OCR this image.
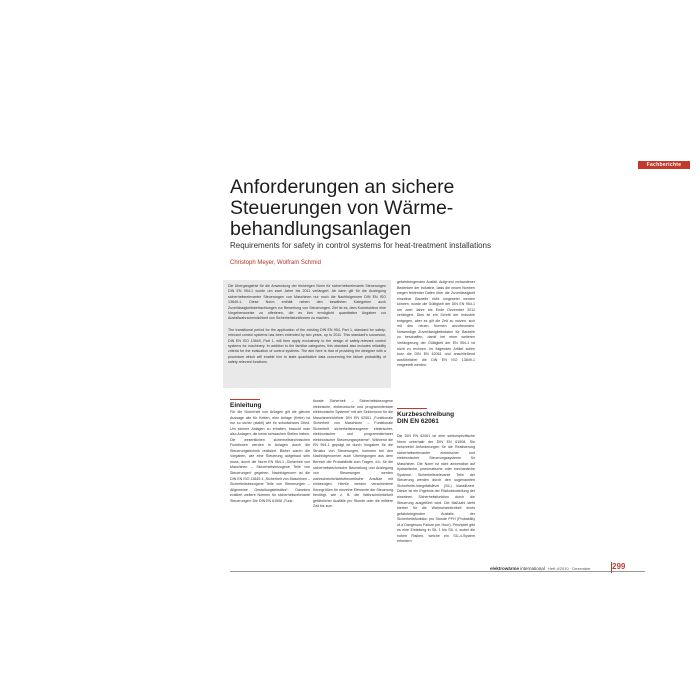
Fachberichte
Anforderungen an sichere
Steuerungen von Wärme-
behandlungsanlagen
Requirements for safety in control systems for heat-treatment installations
Christoph Meyer, Wolfram Schmid

Die Übergangsfrist für die Anwendung der bisherigen Norm für sicherheitsrelevante Steuerungen DIN EN 954-1 wurde um zwei Jahre bis 2011 verlängert. Ab dann gilt für die Auslegung sicherheitsrelevanter Steuerungen von Maschinen nur noch die Nachfolgenorm DIN EN ISO 13849-1. Diese Norm enthält neben den bewährten Kategorien auch Zuverlässigkeitsbetrachtungen zur Bewertung von Steuerungen. Ziel ist es, dem Konstrukteur eine Vorgehensweise zu offerieren, die es ihm ermöglicht quantitative Angaben zur Ausfallwahrscheinlichkeit von Sicherheitsfunktionen zu machen.

The transitional period for the application of the existing DIN EN 954, Part 1, standard for safety-relevant control systems has been extended by two years, up to 2011. This standard's successor, DIN EN ISO 13849, Part 1, will then apply exclusively to the design of safety-relevant control systems for machinery. In addition to the familiar categories, this standard also includes reliability criteria for the evaluation of control systems. The aim here is that of providing the designer with a procedure which will enable him to state quantitative data concerning the failure probability of safety-relevant functions.

gefahrbringenden Ausfall. Aufgrund vorhandener Bedenken der Industrie, dass die neuen Normen wegen fehlender Daten über die Zuverlässigkeit einzelner Bauteile nicht umgesetzt werden können, wurde die Gültigkeit der DIN EN 954-1 um zwei Jahre bis Ende Dezember 2011 verlängert. Dies ist ein Schritt der Industrie entgegen, aber es gilt die Zeit zu nutzen, sich mit den neuen Normen anzufreunden. Notwendige Zuverlässigkeitsdaten für Bauteile zu beschaffen, damit bei einer weiteren Verlängerung der Gültigkeit der EN 954-1 ist nicht zu rechnen. Im folgenden Artikel sollen kurz die DIN EN 62061 und anschließend ausführlicher die DIN EN ISO 13849-1 eingestellt werden.

Kurzbeschreibung
DIN EN 62061

Die DIN EN 62061 ist eine sektorspezifische Norm unterhalb der DIN EN 61508. Sie beschreibt Anforderungen für die Realisierung sicherheitsrelevanter elektrischer und elektronischer Steuerungssysteme für Maschinen. Die Norm ist nicht anwendbar auf hydraulische, pneumatische oder mechanische Systeme. Sicherheitsrelevante Teile der Steuerung werden durch den sogenannten Sicherheits-Integritätslevel (SIL) klassifiziert. Dieser ist ein Ergebnis der Risikobeurteilung der einzelnen Sicherheitsfunktion durch die Steuerung ausgeführt wird. Die Maßzahl steht hierbei für die Wahrscheinlichkeit eines gefahrbringenden Ausfalls der Sicherheitsfunktion pro Stunde PFH (Probability of a Dangerous Failure per Hour). Prinzipiell gibt es eine Einteilung in SIL 1 bis SIL 4, wobei die hohen Risiken, welche ein SIL-4-System erfordern

Einleitung

Für die Sicherheit von Anlagen gilt die gleiche Aussage wie für Ketten, eine Anlage (Kette) ist nur so sicher (stabil) wie ihr schwächstes Glied. Um sichere Anlagen zu erhalten, braucht man also Anlagen, die keine schwachen Stellen haben. Die wesentlichen sicherheitstechnischen Funktionen werden in Anlagen durch die Steuerungstechnik realisiert. Bisher waren die Vorgaben, wie eine Steuerung aufgebaut sein muss, durch die Norm EN 954-1 „Sicherheit von Maschinen – Sicherheitsbezogene Teile von Steuerungen“ gegeben. Nachfolgenorm ist die DIN EN ISO 13849-1 „Sicherheit von Maschinen – Sicherheitsbezogene Teile von Steuerungen – Allgemeine Gestaltungsleitsätze“. Daneben existiert weitere Normen für sicherheitsrelevante Steuerungen: Die DIN EN 61508 „Funk-

tionale Sicherheit – Sicherheitsbezogene elektrische, elektronische und programmierbare elektronische Systeme“ mit der Sektornorm für die Maschinenrichtlinie DIN EN 62061 „Funktionale Sicherheit von Maschinen – Funktionale Sicherheit sicherheitsbezogener elektrischer, elektronischer und programmierbarer elektronischer Steuerungssysteme“. Während die EN 954-1 geprägt ist durch Vorgaben für die Struktur von Steuerungen, kommen bei den Nachfolgenormen auch Überlegungen aus dem Bereich der Probabilistik zum Tragen, d.h. für die sicherheitstechnische Beurteilung und Auslegung von Steuerungen werden wahrscheinlichkeitstheoretische Ansätze mit einbezogen. Hierfür werden verschiedene Kenngrößen für einzelne Elemente der Steuerung benötigt, wie z. B. die Wahrscheinlichkeit gefährlicher Ausfälle pro Stunde oder die mittlere Zeit bis zum

elektrowärme international Heft 4/2010 · Dezember	299
